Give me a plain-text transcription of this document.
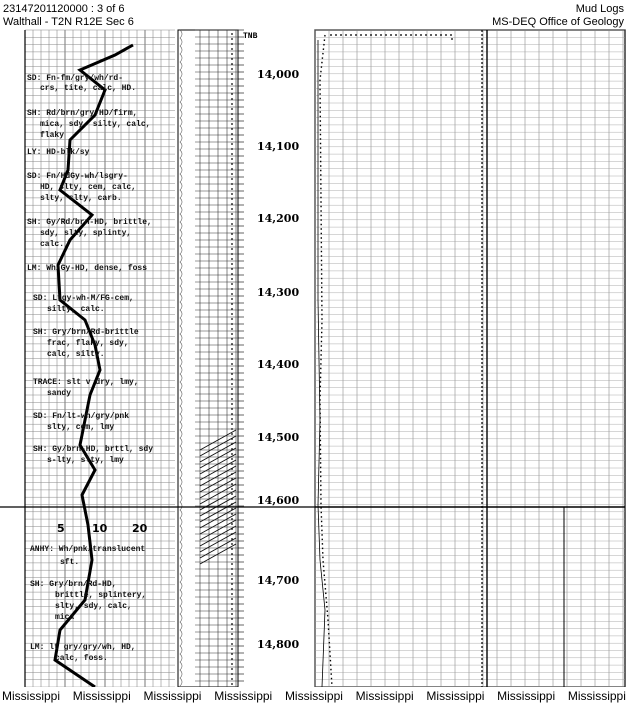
23147201120000 : 3 of 6
Walthall - T2N R12E Sec 6
Mud Logs
MS-DEQ Office of Geology
TNB
14,000
14,100
14,200
14,300
14,400
14,500
14,600
14,700
14,800
5 10 20
SD: Fn-fm/gry/wh/rd-
crs, tite, calc, HD.
SH: Rd/brn/gry-HD/firm,
mica, sdy, silty, calc,
flaky
LY: HD-blk/sy
SD: Fn/HdGy-wh/lsgry-
HD, slty, cem, calc,
slty, slty, carb.
SH: Gy/Rd/brn-HD, brittle,
sdy, slty, splinty,
calc.
LM: Wh/Gy-HD, dense, foss
SD: Ltgy-wh-M/FG-cem,
silty, calc.
SH: Gry/brn/Rd-brittle
frac, flaky, sdy,
calc, silty.
TRACE: slt v dry, lmy,
sandy
SD: Fn/lt-wh/gry/pnk
slty, cem, lmy
SH: Gy/brn-HD, brttl, sdy
s-lty, slty, lmy
ANHY: Wh/pnk/translucent
sft.
SH: Gry/brn/Rd-HD,
brittle, splintery,
slty, sdy, calc,
mica
LM: lt gry/gry/wh, HD,
calc, foss.
Mississippi Mississippi Mississippi Mississippi Mississippi Mississippi Mississippi Mississippi Mississippi
